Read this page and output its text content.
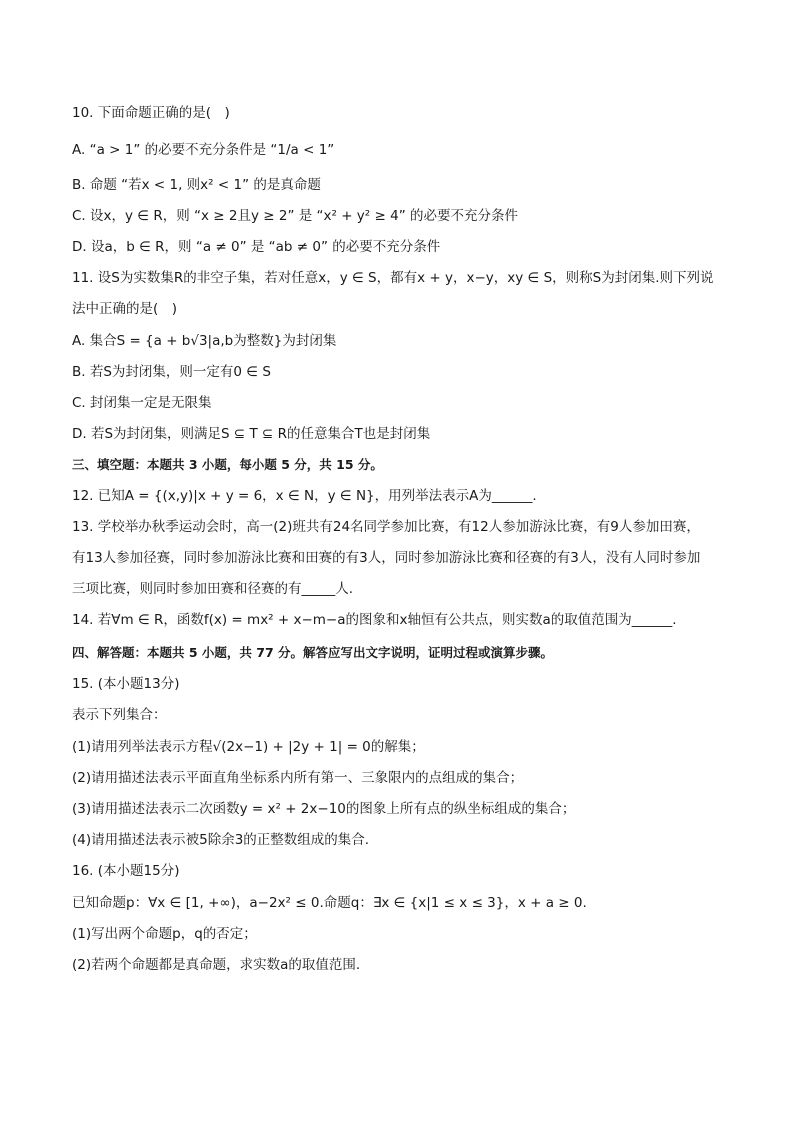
10. 下面命题正确的是(　)
A. “a > 1” 的必要不充分条件是 “1/a < 1”
B. 命题 “若x < 1, 则x² < 1” 的是真命题
C. 设x，y ∈ R，则 “x ≥ 2且y ≥ 2” 是 “x² + y² ≥ 4” 的必要不充分条件
D. 设a，b ∈ R，则 “a ≠ 0” 是 “ab ≠ 0” 的必要不充分条件
11. 设S为实数集R的非空子集，若对任意x，y ∈ S，都有x + y，x−y，xy ∈ S，则称S为封闭集.则下列说
法中正确的是(　)
A. 集合S = {a + b√3|a,b为整数}为封闭集
B. 若S为封闭集，则一定有0 ∈ S
C. 封闭集一定是无限集
D. 若S为封闭集，则满足S ⊆ T ⊆ R的任意集合T也是封闭集
三、填空题：本题共 3 小题，每小题 5 分，共 15 分。
12. 已知A = {(x,y)|x + y = 6，x ∈ N，y ∈ N}，用列举法表示A为______.
13. 学校举办秋季运动会时，高一(2)班共有24名同学参加比赛，有12人参加游泳比赛，有9人参加田赛，
有13人参加径赛，同时参加游泳比赛和田赛的有3人，同时参加游泳比赛和径赛的有3人，没有人同时参加
三项比赛，则同时参加田赛和径赛的有_____人.
14. 若∀m ∈ R，函数f(x) = mx² + x−m−a的图象和x轴恒有公共点，则实数a的取值范围为______.
四、解答题：本题共 5 小题，共 77 分。解答应写出文字说明，证明过程或演算步骤。
15. (本小题13分)
表示下列集合：
(1)请用列举法表示方程√(2x−1) + |2y + 1| = 0的解集；
(2)请用描述法表示平面直角坐标系内所有第一、三象限内的点组成的集合；
(3)请用描述法表示二次函数y = x² + 2x−10的图象上所有点的纵坐标组成的集合；
(4)请用描述法表示被5除余3的正整数组成的集合.
16. (本小题15分)
已知命题p：∀x ∈ [1, +∞)，a−2x² ≤ 0.命题q：∃x ∈ {x|1 ≤ x ≤ 3}，x + a ≥ 0.
(1)写出两个命题p，q的否定；
(2)若两个命题都是真命题，求实数a的取值范围.
